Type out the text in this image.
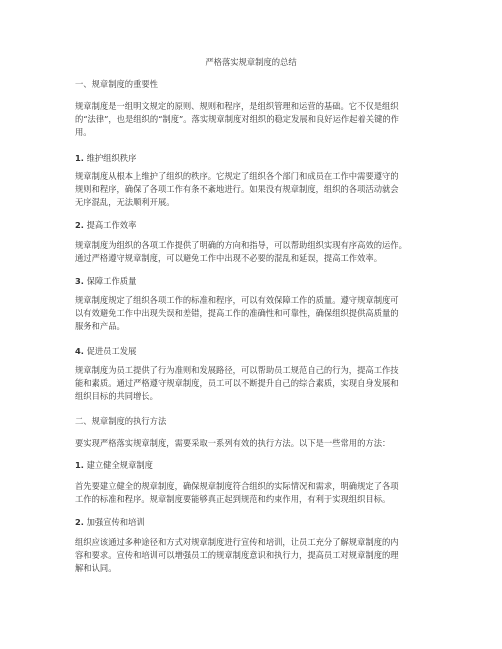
严格落实规章制度的总结
一、规章制度的重要性
规章制度是一组明文规定的原则、规则和程序，是组织管理和运营的基础。它不仅是组织
的“法律”，也是组织的“制度”。落实规章制度对组织的稳定发展和良好运作起着关键的作
用。
1. 维护组织秩序
规章制度从根本上维护了组织的秩序。它规定了组织各个部门和成员在工作中需要遵守的
规则和程序，确保了各项工作有条不紊地进行。如果没有规章制度，组织的各项活动就会
无序混乱，无法顺利开展。
2. 提高工作效率
规章制度为组织的各项工作提供了明确的方向和指导，可以帮助组织实现有序高效的运作。
通过严格遵守规章制度，可以避免工作中出现不必要的混乱和延误，提高工作效率。
3. 保障工作质量
规章制度规定了组织各项工作的标准和程序，可以有效保障工作的质量。遵守规章制度可
以有效避免工作中出现失误和差错，提高工作的准确性和可靠性，确保组织提供高质量的
服务和产品。
4. 促进员工发展
规章制度为员工提供了行为准则和发展路径，可以帮助员工规范自己的行为，提高工作技
能和素质。通过严格遵守规章制度，员工可以不断提升自己的综合素质，实现自身发展和
组织目标的共同增长。
二、规章制度的执行方法
要实现严格落实规章制度，需要采取一系列有效的执行方法。以下是一些常用的方法：
1. 建立健全规章制度
首先要建立健全的规章制度，确保规章制度符合组织的实际情况和需求，明确规定了各项
工作的标准和程序。规章制度要能够真正起到规范和约束作用，有利于实现组织目标。
2. 加强宣传和培训
组织应该通过多种途径和方式对规章制度进行宣传和培训，让员工充分了解规章制度的内
容和要求。宣传和培训可以增强员工的规章制度意识和执行力，提高员工对规章制度的理
解和认同。
